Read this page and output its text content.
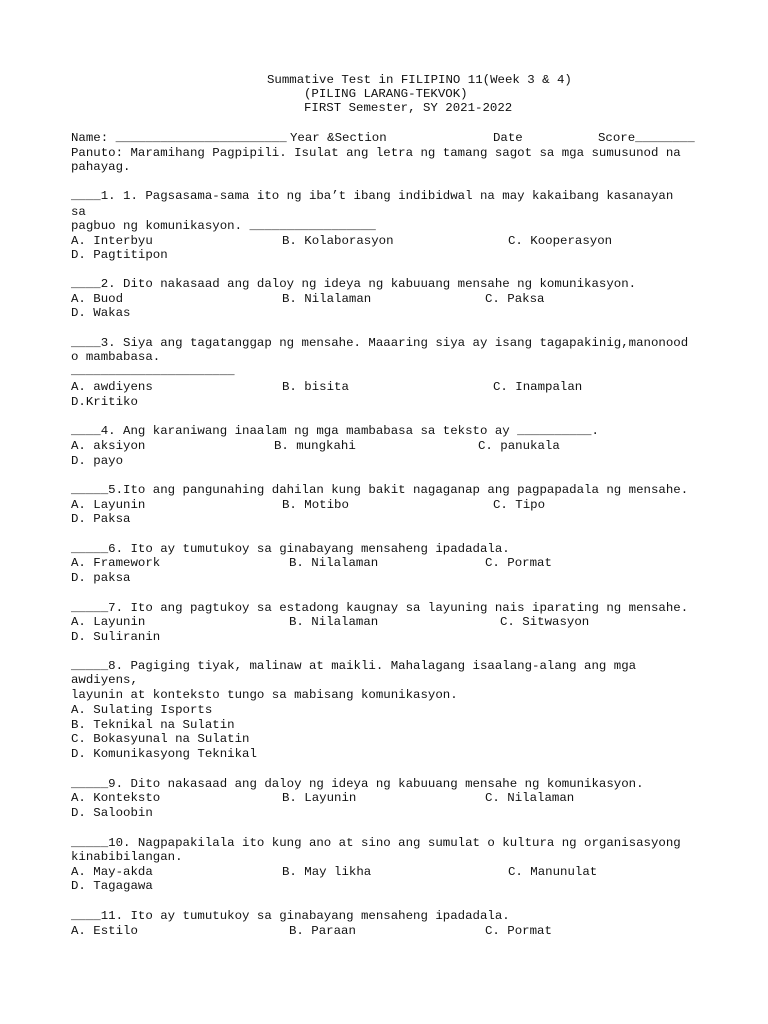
Summative Test in FILIPINO 11(Week 3 & 4)
(PILING LARANG-TEKVOK)
FIRST Semester, SY 2021-2022
Name: _______________________ Year &Section	Date	Score________
Panuto: Maramihang Pagpipili. Isulat ang letra ng tamang sagot sa mga sumusunod na
pahayag.
____1. 1. Pagsasama-sama ito ng iba’t ibang indibidwal na may kakaibang kasanayan
sa
pagbuo ng komunikasyon. _________________
A. Interbyu	B. Kolaborasyon	C. Kooperasyon
D. Pagtitipon
____2. Dito nakasaad ang daloy ng ideya ng kabuuang mensahe ng komunikasyon.
A. Buod	B. Nilalaman	C. Paksa
D. Wakas
____3. Siya ang tagatanggap ng mensahe. Maaaring siya ay isang tagapakinig,manonood
o mambabasa.
______________________
A. awdiyens	B. bisita	C. Inampalan
D.Kritiko
____4. Ang karaniwang inaalam ng mga mambabasa sa teksto ay __________.
A. aksiyon	B. mungkahi	C. panukala
D. payo
_____5.Ito ang pangunahing dahilan kung bakit nagaganap ang pagpapadala ng mensahe.
A. Layunin	B. Motibo	C. Tipo
D. Paksa
_____6. Ito ay tumutukoy sa ginabayang mensaheng ipadadala.
A. Framework	B. Nilalaman	C. Pormat
D. paksa
_____7. Ito ang pagtukoy sa estadong kaugnay sa layuning nais iparating ng mensahe.
A. Layunin	B. Nilalaman	C. Sitwasyon
D. Suliranin
_____8. Pagiging tiyak, malinaw at maikli. Mahalagang isaalang-alang ang mga
awdiyens,
layunin at konteksto tungo sa mabisang komunikasyon.
A. Sulating Isports
B. Teknikal na Sulatin
C. Bokasyunal na Sulatin
D. Komunikasyong Teknikal
_____9. Dito nakasaad ang daloy ng ideya ng kabuuang mensahe ng komunikasyon.
A. Konteksto	B. Layunin	C. Nilalaman
D. Saloobin
_____10. Nagpapakilala ito kung ano at sino ang sumulat o kultura ng organisasyong
kinabibilangan.
A. May-akda	B. May likha	C. Manunulat
D. Tagagawa
____11. Ito ay tumutukoy sa ginabayang mensaheng ipadadala.
A. Estilo	B. Paraan	C. Pormat
